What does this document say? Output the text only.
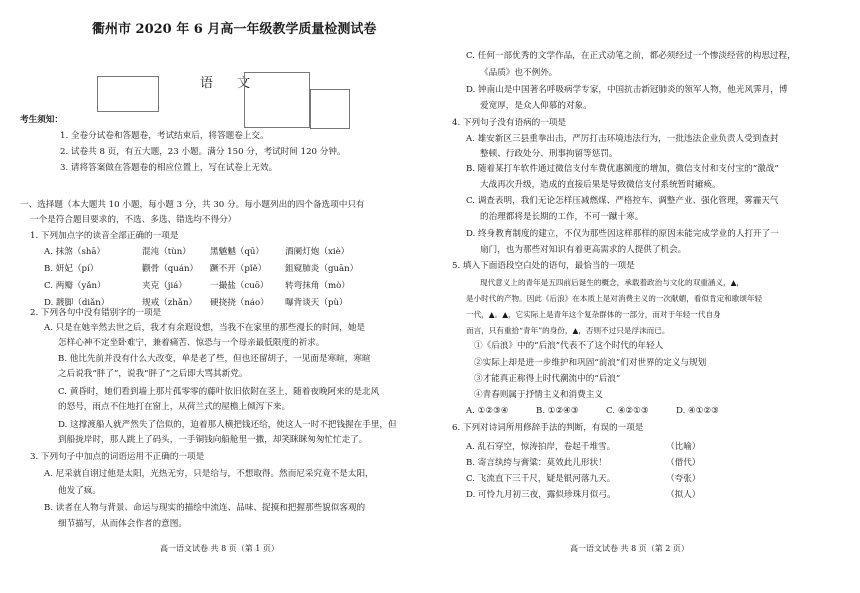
衢州市 2020 年 6 月高一年级教学质量检测试卷
语 文
考生须知：
1. 全卷分试卷和答题卷，考试结束后，将答题卷上交。
2. 试卷共 8 页，有五大题，23 小题。满分 150 分，考试时间 120 分钟。
3. 请将答案做在答题卷的相应位置上，写在试卷上无效。
一、选择题（本大题共 10 小题，每小题 3 分，共 30 分。每小题列出的四个备选项中只有
一个是符合题目要求的，不选、多选、错选均不得分）
1. 下列加点字的读音全部正确的一项是
A. 抹煞（shā）	混沌（tùn） 黑魆魆（qū） 酒阑灯炮（xiè）
B. 妍妃（pí）	颧骨（quán） 蹶不开（pǐě） 鉏窥肺炎（guān）
C. 两瓣（yǎn）	夹克（jiá）	一撮盐（cuō） 转弯抹角（mò）
D. 踱脚（diǎn）	规戒（zhǎn） 硬挠挠（náo） 曝背谈天（pù）
2. 下列各句中没有错别字的一项是
A. 只是在她辛然去世之后，我才有余遐设想，当我不在家里的那些漫长的时间，她是
怎样心神不定坐卧难宁，兼着痛苦、惊恐与一个母亲最低限度的祈求。
B. 他比先前并没有什么大改变，单是老了些，但也还留胡子，一见面是寒暄，寒暄
之后说我“胖了”，说我“胖了”之后即大骂其新党。
C. 黄昏时，她们看到墙上那片孤零零的藤叶依旧依附在茎上，随着夜晚阿来的是北风
的怒号，雨点不住地打在窗上，从荷兰式的屋檐上倾泻下来。
D. 这撑渡船人就严然失了信似的，迫着那人横把钱还给，使这人一时不把钱握在手里，但
到船拢岸时，那人跳上了码头，一手铜钱向船舱里一撒，却笑眯眯匆匆忙忙走了。
3. 下列句子中加点的词语运用不正确的一项是
A. 尼采就自诩过他是太阳，光热无穷，只是给与，不想取得。然而尼采究竟不是太阳，
他发了疯。
B. 读者在人物与背景、命运与现实的描绘中流连、品味、捉摸和把握那些貌似客观的
细节描写，从而体会作者的意图。
高一语文试卷 共 8 页（第 1 页）
C. 任何一部优秀的文学作品，在正式动笔之前，都必须经过一个惨淡经营的构思过程，
《品质》也不例外。
D. 钟南山是中国著名呼吸病学专家，中国抗击新冠肺炎的领军人物，他光风霁月，博
爱宽厚，是众人仰慕的对象。
4. 下列句子没有语病的一项是
A. 雄安新区三县重拳出击，严厉打击环境违法行为，一批违法企业负责人受到查封
整顿、行政处分、刑事拘留等惩罚。
B. 随着某打车软件通过微信支付车费优惠额度的增加，微信支付和支付宝的“激战”
大战再次升级，造成的直接后果是导致微信支付系统暂时瘫痪。
C. 调查表明，我们无论怎样压减燃煤、严格控车、调整产业、强化管理，雾霾天气
的治理都将是长期的工作，不可一蹴十寒。
D. 终身教育制度的建立，不仅为那些因这样那样的原因未能完成学业的人打开了一
扇门，也为那些对知识有着更高需求的人提供了机会。
5. 填入下面语段空白处的语句，最恰当的一项是
现代意义上的青年是五四前后诞生的概念，承载着政治与文化的双重涵义，▲，
是小时代的产物。因此《后浪》在本质上是对消费主义的一次献媚，看似肯定和歌颂年轻
一代，▲。▲，它实际上是青年这个复杂群体的一部分，而对于年轻一代自身
而言，只有重拾“青年”的身份，▲，否则不过只是浮沫而已。
①《后浪》中的“后浪”代表不了这个时代的年轻人
②实际上却是进一步维护和巩固“前浪”们对世界的定义与规划
③才能真正称得上时代潮流中的“后浪”
④青春则属于抒情主义和消费主义
A. ①②③④	B. ①②④③	C. ④②①③	D. ④①②③
6. 下列对诗词所用修辞手法的判断，有误的一项是
A. 乱石穿空，惊涛拍岸，卷起千堆雪。	（比喻）
B. 寄言纨绔与膏粱：莫效此儿形状！	（借代）
C. 飞流直下三千尺，疑是银河落九天。	（夸张）
D. 可怜九月初三夜，露似珍珠月似弓。	（拟人）
高一语文试卷 共 8 页（第 2 页）
